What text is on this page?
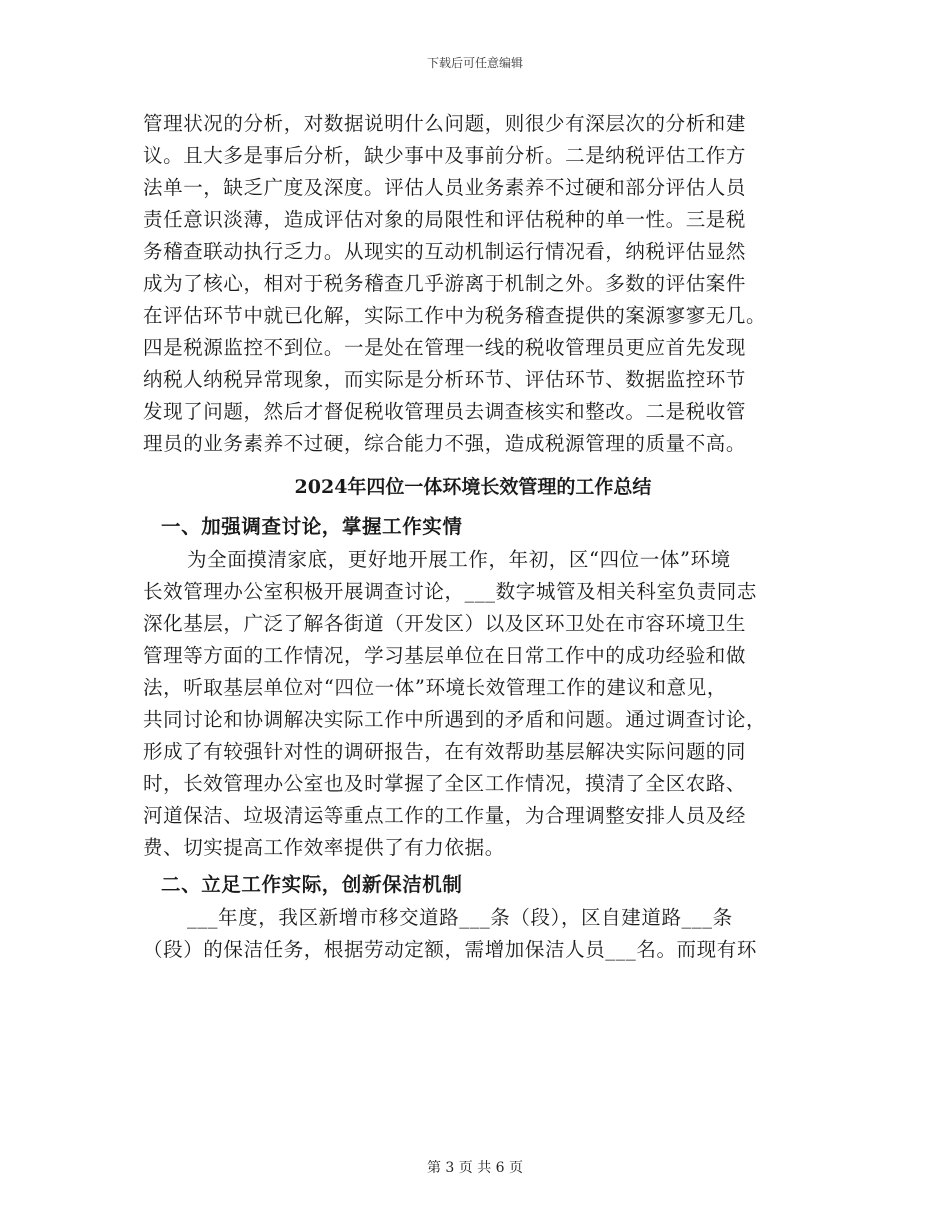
下载后可任意编辑
管理状况的分析，对数据说明什么问题，则很少有深层次的分析和建
议。且大多是事后分析，缺少事中及事前分析。二是纳税评估工作方
法单一，缺乏广度及深度。评估人员业务素养不过硬和部分评估人员
责任意识淡薄，造成评估对象的局限性和评估税种的单一性。三是税
务稽查联动执行乏力。从现实的互动机制运行情况看，纳税评估显然
成为了核心，相对于税务稽查几乎游离于机制之外。多数的评估案件
在评估环节中就已化解，实际工作中为税务稽查提供的案源寥寥无几。
四是税源监控不到位。一是处在管理一线的税收管理员更应首先发现
纳税人纳税异常现象，而实际是分析环节、评估环节、数据监控环节
发现了问题，然后才督促税收管理员去调查核实和整改。二是税收管
理员的业务素养不过硬，综合能力不强，造成税源管理的质量不高。
2024年四位一体环境长效管理的工作总结
一、加强调查讨论，掌握工作实情
为全面摸清家底，更好地开展工作，年初，区“四位一体”环境
长效管理办公室积极开展调查讨论，___数字城管及相关科室负责同志
深化基层，广泛了解各街道（开发区）以及区环卫处在市容环境卫生
管理等方面的工作情况，学习基层单位在日常工作中的成功经验和做
法，听取基层单位对“四位一体”环境长效管理工作的建议和意见，
共同讨论和协调解决实际工作中所遇到的矛盾和问题。通过调查讨论，
形成了有较强针对性的调研报告，在有效帮助基层解决实际问题的同
时，长效管理办公室也及时掌握了全区工作情况，摸清了全区农路、
河道保洁、垃圾清运等重点工作的工作量，为合理调整安排人员及经
费、切实提高工作效率提供了有力依据。
二、立足工作实际，创新保洁机制
___年度，我区新增市移交道路___条（段），区自建道路___条
（段）的保洁任务，根据劳动定额，需增加保洁人员___名。而现有环
第 3 页 共 6 页
